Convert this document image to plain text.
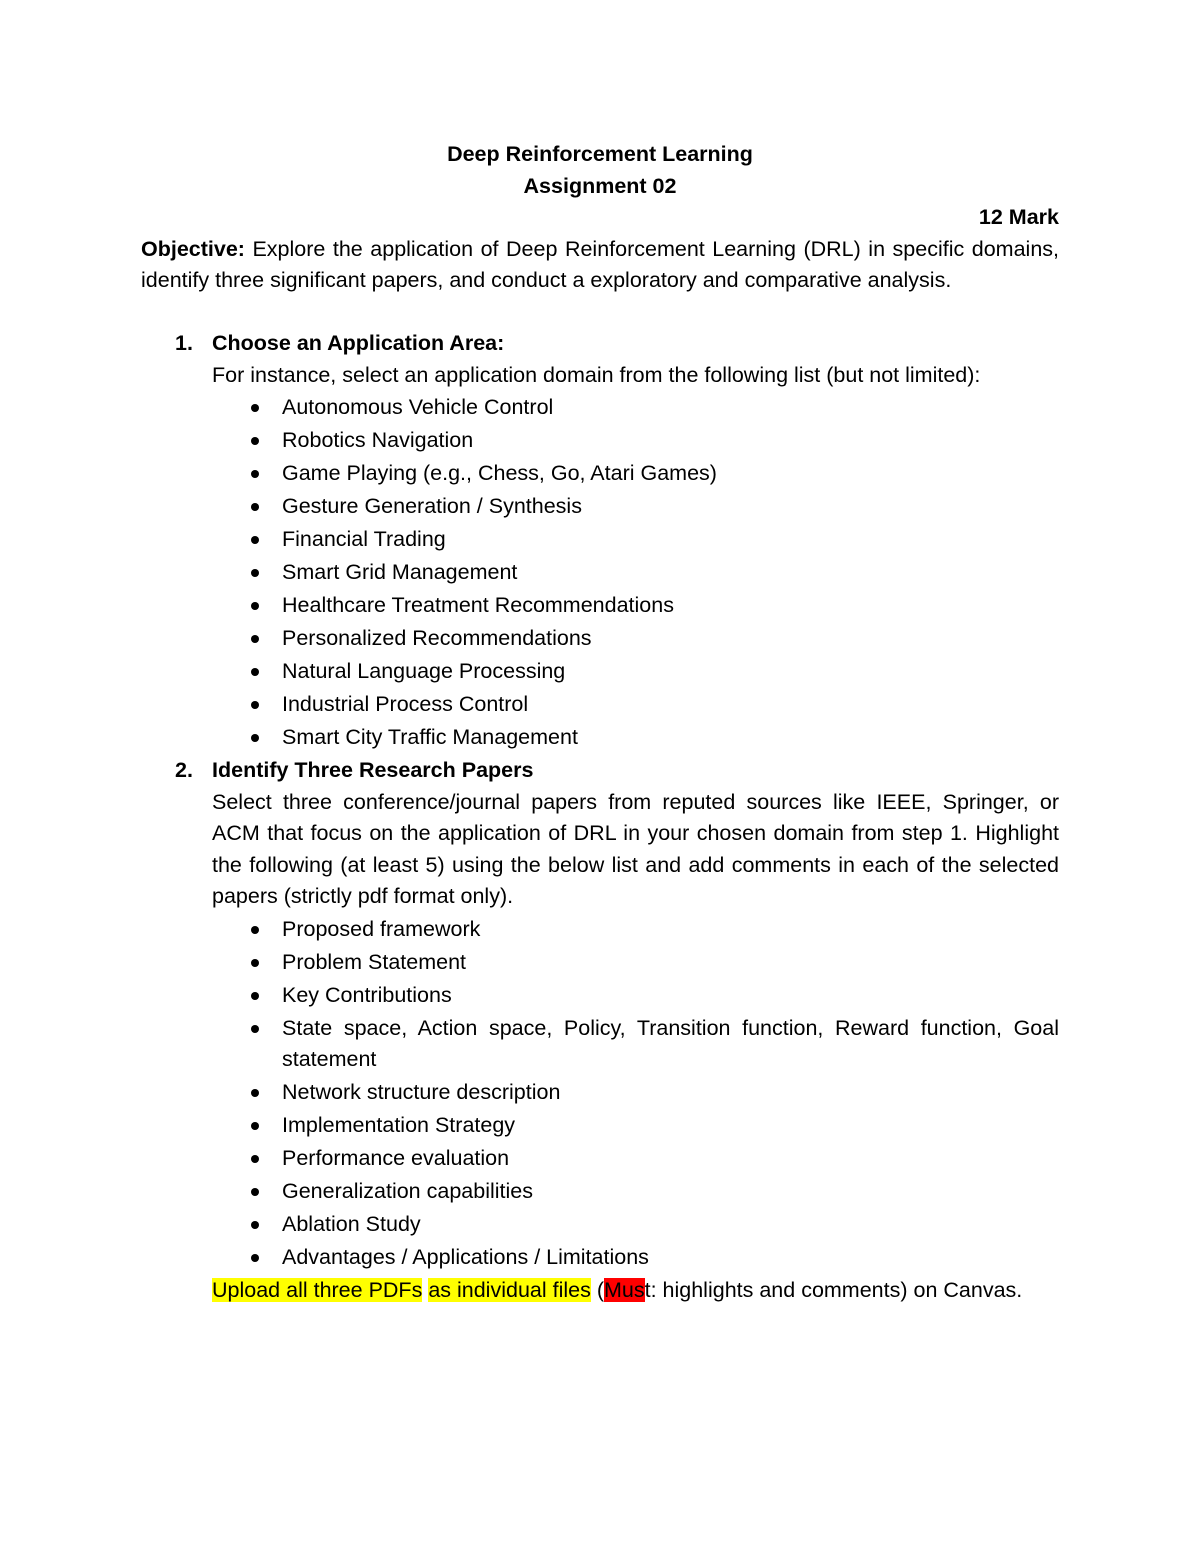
Deep Reinforcement Learning

Assignment 02

12 Mark

Objective: Explore the application of Deep Reinforcement Learning (DRL) in specific domains, identify three significant papers, and conduct a exploratory and comparative analysis.

1. Choose an Application Area:

For instance, select an application domain from the following list (but not limited):

Autonomous Vehicle Control
Robotics Navigation
Game Playing (e.g., Chess, Go, Atari Games)
Gesture Generation / Synthesis
Financial Trading
Smart Grid Management
Healthcare Treatment Recommendations
Personalized Recommendations
Natural Language Processing
Industrial Process Control
Smart City Traffic Management
2. Identify Three Research Papers

Select three conference/journal papers from reputed sources like IEEE, Springer, or ACM that focus on the application of DRL in your chosen domain from step 1. Highlight the following (at least 5) using the below list and add comments in each of the selected papers (strictly pdf format only).

Proposed framework
Problem Statement
Key Contributions
State space, Action space, Policy, Transition function, Reward function, Goal statement
Network structure description
Implementation Strategy
Performance evaluation
Generalization capabilities
Ablation Study
Advantages / Applications / Limitations

Upload all three PDFs as individual files (Must: highlights and comments) on Canvas.
